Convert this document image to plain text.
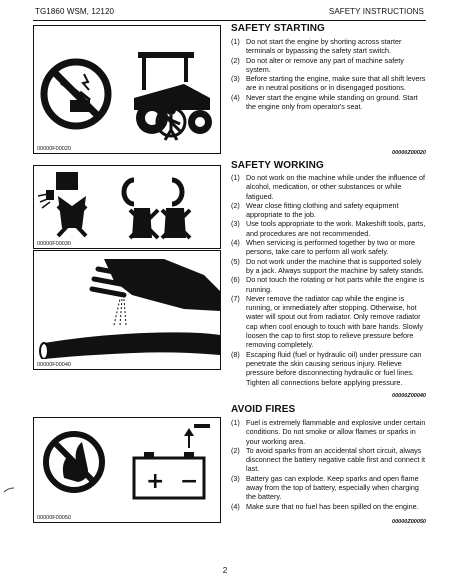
TG1860 WSM, 12120	SAFETY INSTRUCTIONS
00000F00020
00000F00030
00000F00040
+ −
00000F00050
SAFETY STARTING
(1) Do not start the engine by shorting across starter terminals or bypassing the safety start switch.
(2) Do not alter or remove any part of machine safety system.
(3) Before starting the engine, make sure that all shift levers are in neutral positions or in disengaged positions.
(4) Never start the engine while standing on ground. Start the engine only from operator's seat.
00000Z00020
SAFETY WORKING
(1) Do not work on the machine while under the influence of alcohol, medication, or other substances or while fatigued.
(2) Wear close fitting clothing and safety equipment appropriate to the job.
(3) Use tools appropriate to the work. Makeshift tools, parts, and procedures are not recommended.
(4) When servicing is performed together by two or more persons, take care to perform all work safely.
(5) Do not work under the machine that is supported solely by a jack. Always support the machine by safety stands.
(6) Do not touch the rotating or hot parts while the engine is running.
(7) Never remove the radiator cap while the engine is running, or immediately after stopping. Otherwise, hot water will spout out from radiator. Only remove radiator cap when cool enough to touch with bare hands. Slowly loosen the cap to first stop to relieve pressure before removing completely.
(8) Escaping fluid (fuel or hydraulic oil) under pressure can penetrate the skin causing serious injury. Relieve pressure before disconnecting hydraulic or fuel lines. Tighten all connections before applying pressure.
00000Z00040
AVOID FIRES
(1) Fuel is extremely flammable and explosive under certain conditions. Do not smoke or allow flames or sparks in your working area.
(2) To avoid sparks from an accidental short circuit, always disconnect the battery negative cable first and connect it last.
(3) Battery gas can explode. Keep sparks and open flame away from the top of battery, especially when charging the battery.
(4) Make sure that no fuel has been spilled on the engine.
00000Z00050
2
